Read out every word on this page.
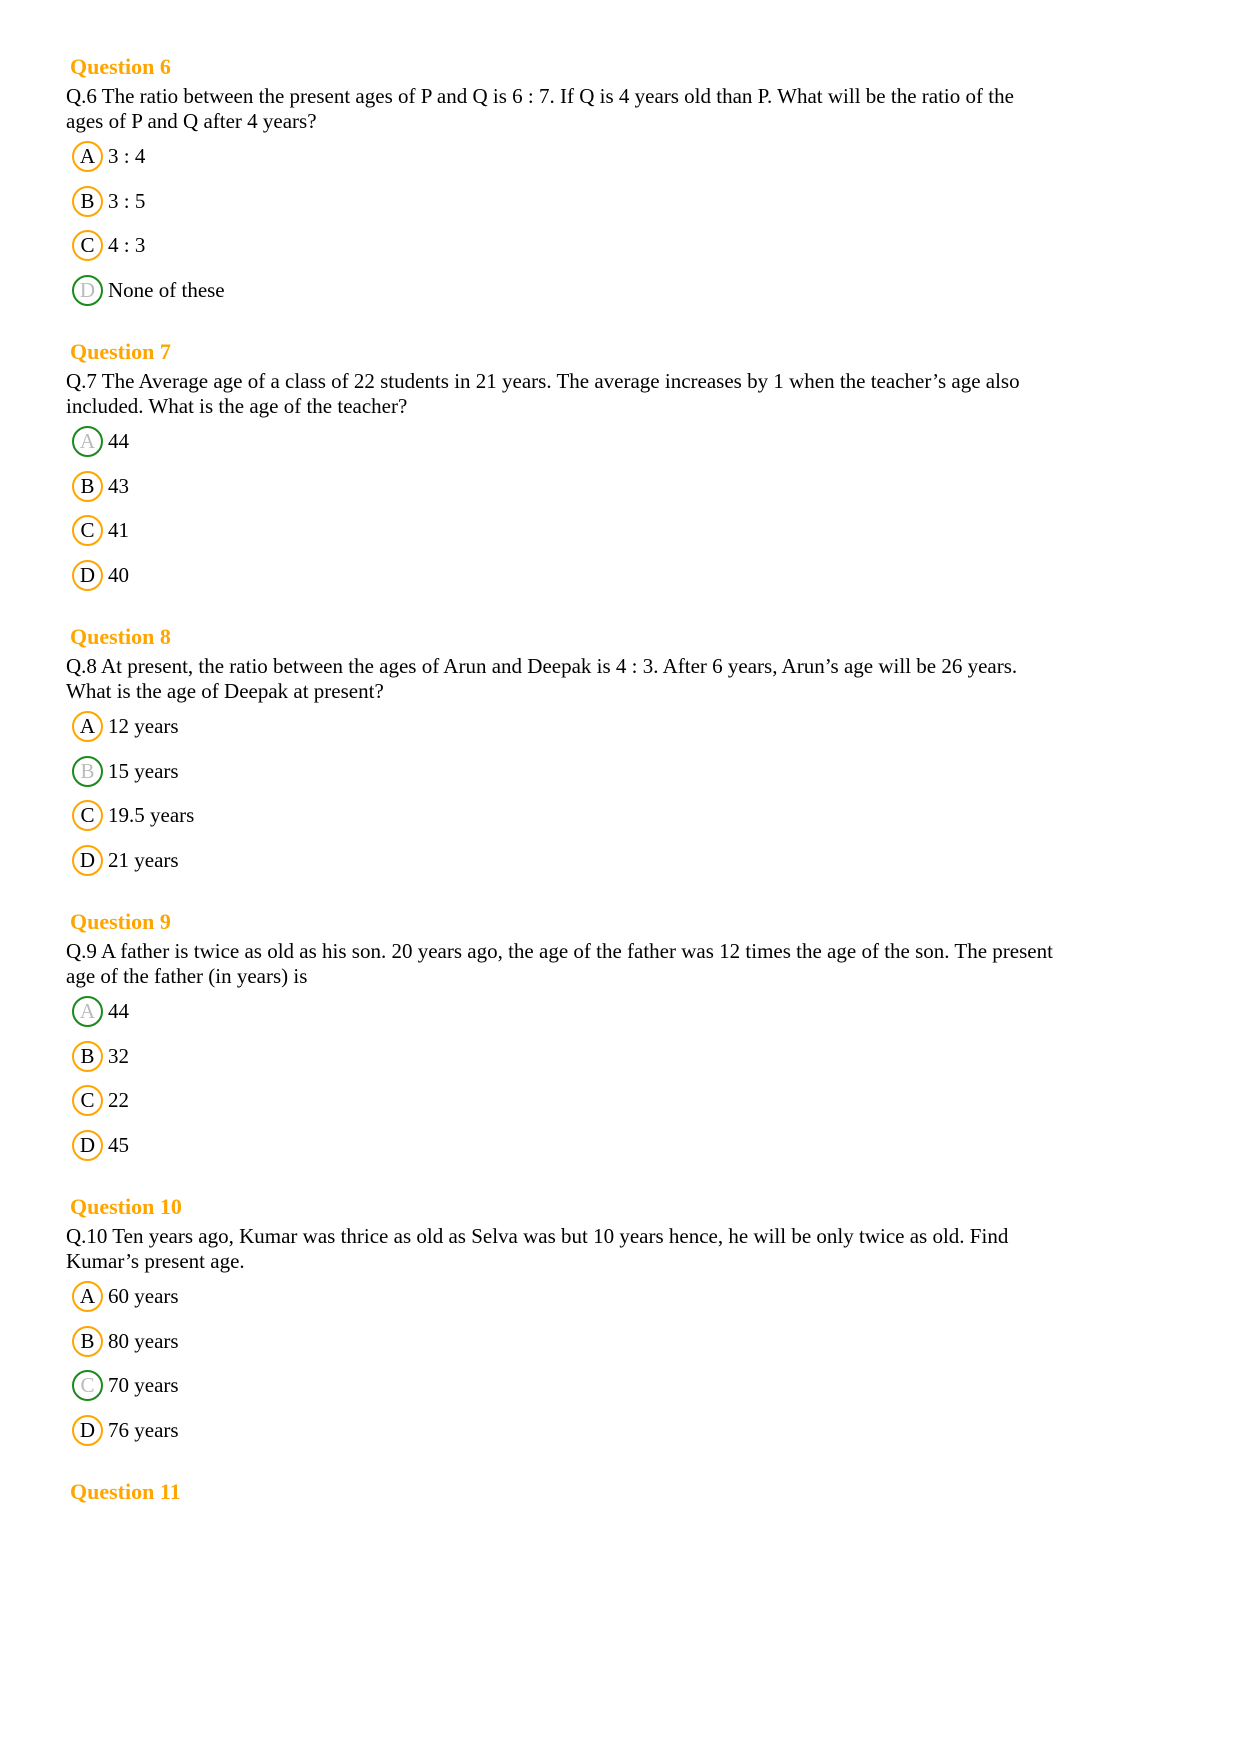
Question 6
Q.6 The ratio between the present ages of P and Q is 6 : 7. If Q is 4 years old than P. What will be the ratio of the ages of P and Q after 4 years?
A 3 : 4
B 3 : 5
C 4 : 3
D None of these
Question 7
Q.7 The Average age of a class of 22 students in 21 years. The average increases by 1 when the teacher’s age also included. What is the age of the teacher?
A 44
B 43
C 41
D 40
Question 8
Q.8 At present, the ratio between the ages of Arun and Deepak is 4 : 3. After 6 years, Arun’s age will be 26 years. What is the age of Deepak at present?
A 12 years
B 15 years
C 19.5 years
D 21 years
Question 9
Q.9 A father is twice as old as his son. 20 years ago, the age of the father was 12 times the age of the son. The present age of the father (in years) is
A 44
B 32
C 22
D 45
Question 10
Q.10 Ten years ago, Kumar was thrice as old as Selva was but 10 years hence, he will be only twice as old. Find Kumar’s present age.
A 60 years
B 80 years
C 70 years
D 76 years
Question 11
